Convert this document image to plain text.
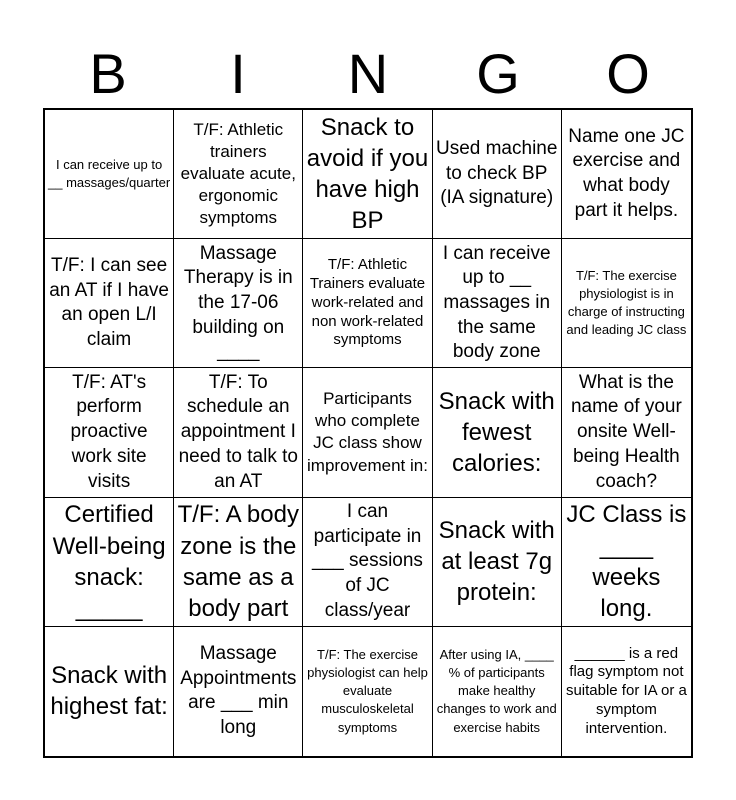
B	I	N	G	O
I can receive up to __ massages/quarter
T/F: Athletic trainers evaluate acute, ergonomic symptoms
Snack to avoid if you have high BP
Used machine to check BP (IA signature)
Name one JC exercise and what body part it helps.
T/F: I can see an AT if I have an open L/I claim
Massage Therapy is in the 17-06 building on ____
T/F: Athletic Trainers evaluate work-related and non work-related symptoms
I can receive up to __ massages in the same body zone
T/F: The exercise physiologist is in charge of instructing and leading JC class
T/F: AT's perform proactive work site visits
T/F: To schedule an appointment I need to talk to an AT
Participants who complete JC class show improvement in:
Snack with fewest calories:
What is the name of your onsite Well-being Health coach?
Certified Well-being snack: _____
T/F: A body zone is the same as a body part
I can participate in ___ sessions of JC class/year
Snack with at least 7g protein:
JC Class is ____ weeks long.
Snack with highest fat:
Massage Appointments are ___ min long
T/F: The exercise physiologist can help evaluate musculoskeletal symptoms
After using IA, ____ % of participants make healthy changes to work and exercise habits
______ is a red flag symptom not suitable for IA or a symptom intervention.
